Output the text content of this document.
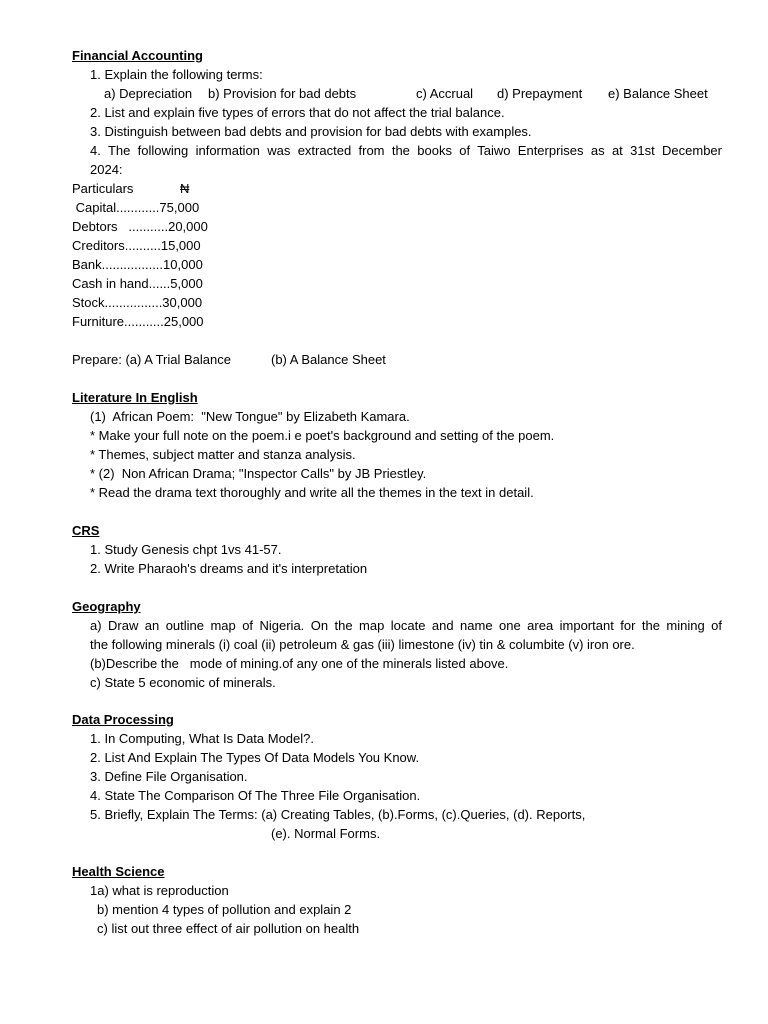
Financial Accounting
1. Explain the following terms:
a) Depreciation b) Provision for bad debts	c) Accrual d) Prepayment e) Balance Sheet
2. List and explain five types of errors that do not affect the trial balance.
3. Distinguish between bad debts and provision for bad debts with examples.
4. The following information was extracted from the books of Taiwo Enterprises as at 31st December
2024:
Particulars	₦
Capital............75,000
Debtors   ...........20,000
Creditors..........15,000
Bank.................10,000
Cash in hand......5,000
Stock................30,000
Furniture...........25,000
Prepare: (a) A Trial Balance	(b) A Balance Sheet
Literature In English
(1)  African Poem:  "New Tongue" by Elizabeth Kamara.
* Make your full note on the poem.i e poet's background and setting of the poem.
* Themes, subject matter and stanza analysis.
* (2)  Non African Drama; "Inspector Calls" by JB Priestley.
* Read the drama text thoroughly and write all the themes in the text in detail.
CRS
1. Study Genesis chpt 1vs 41-57.
2. Write Pharaoh's dreams and it's interpretation
Geography
a) Draw an outline map of Nigeria. On the map locate and name one area important for the mining of
the following minerals (i) coal (ii) petroleum & gas (iii) limestone (iv) tin & columbite (v) iron ore.
(b)Describe the   mode of mining.of any one of the minerals listed above.
c) State 5 economic of minerals.
Data Processing
1. In Computing, What Is Data Model?.
2. List And Explain The Types Of Data Models You Know.
3. Define File Organisation.
4. State The Comparison Of The Three File Organisation.
5. Briefly, Explain The Terms: (a) Creating Tables, (b).Forms, (c).Queries, (d). Reports,
(e). Normal Forms.
Health Science
1a) what is reproduction
b) mention 4 types of pollution and explain 2
c) list out three effect of air pollution on health
